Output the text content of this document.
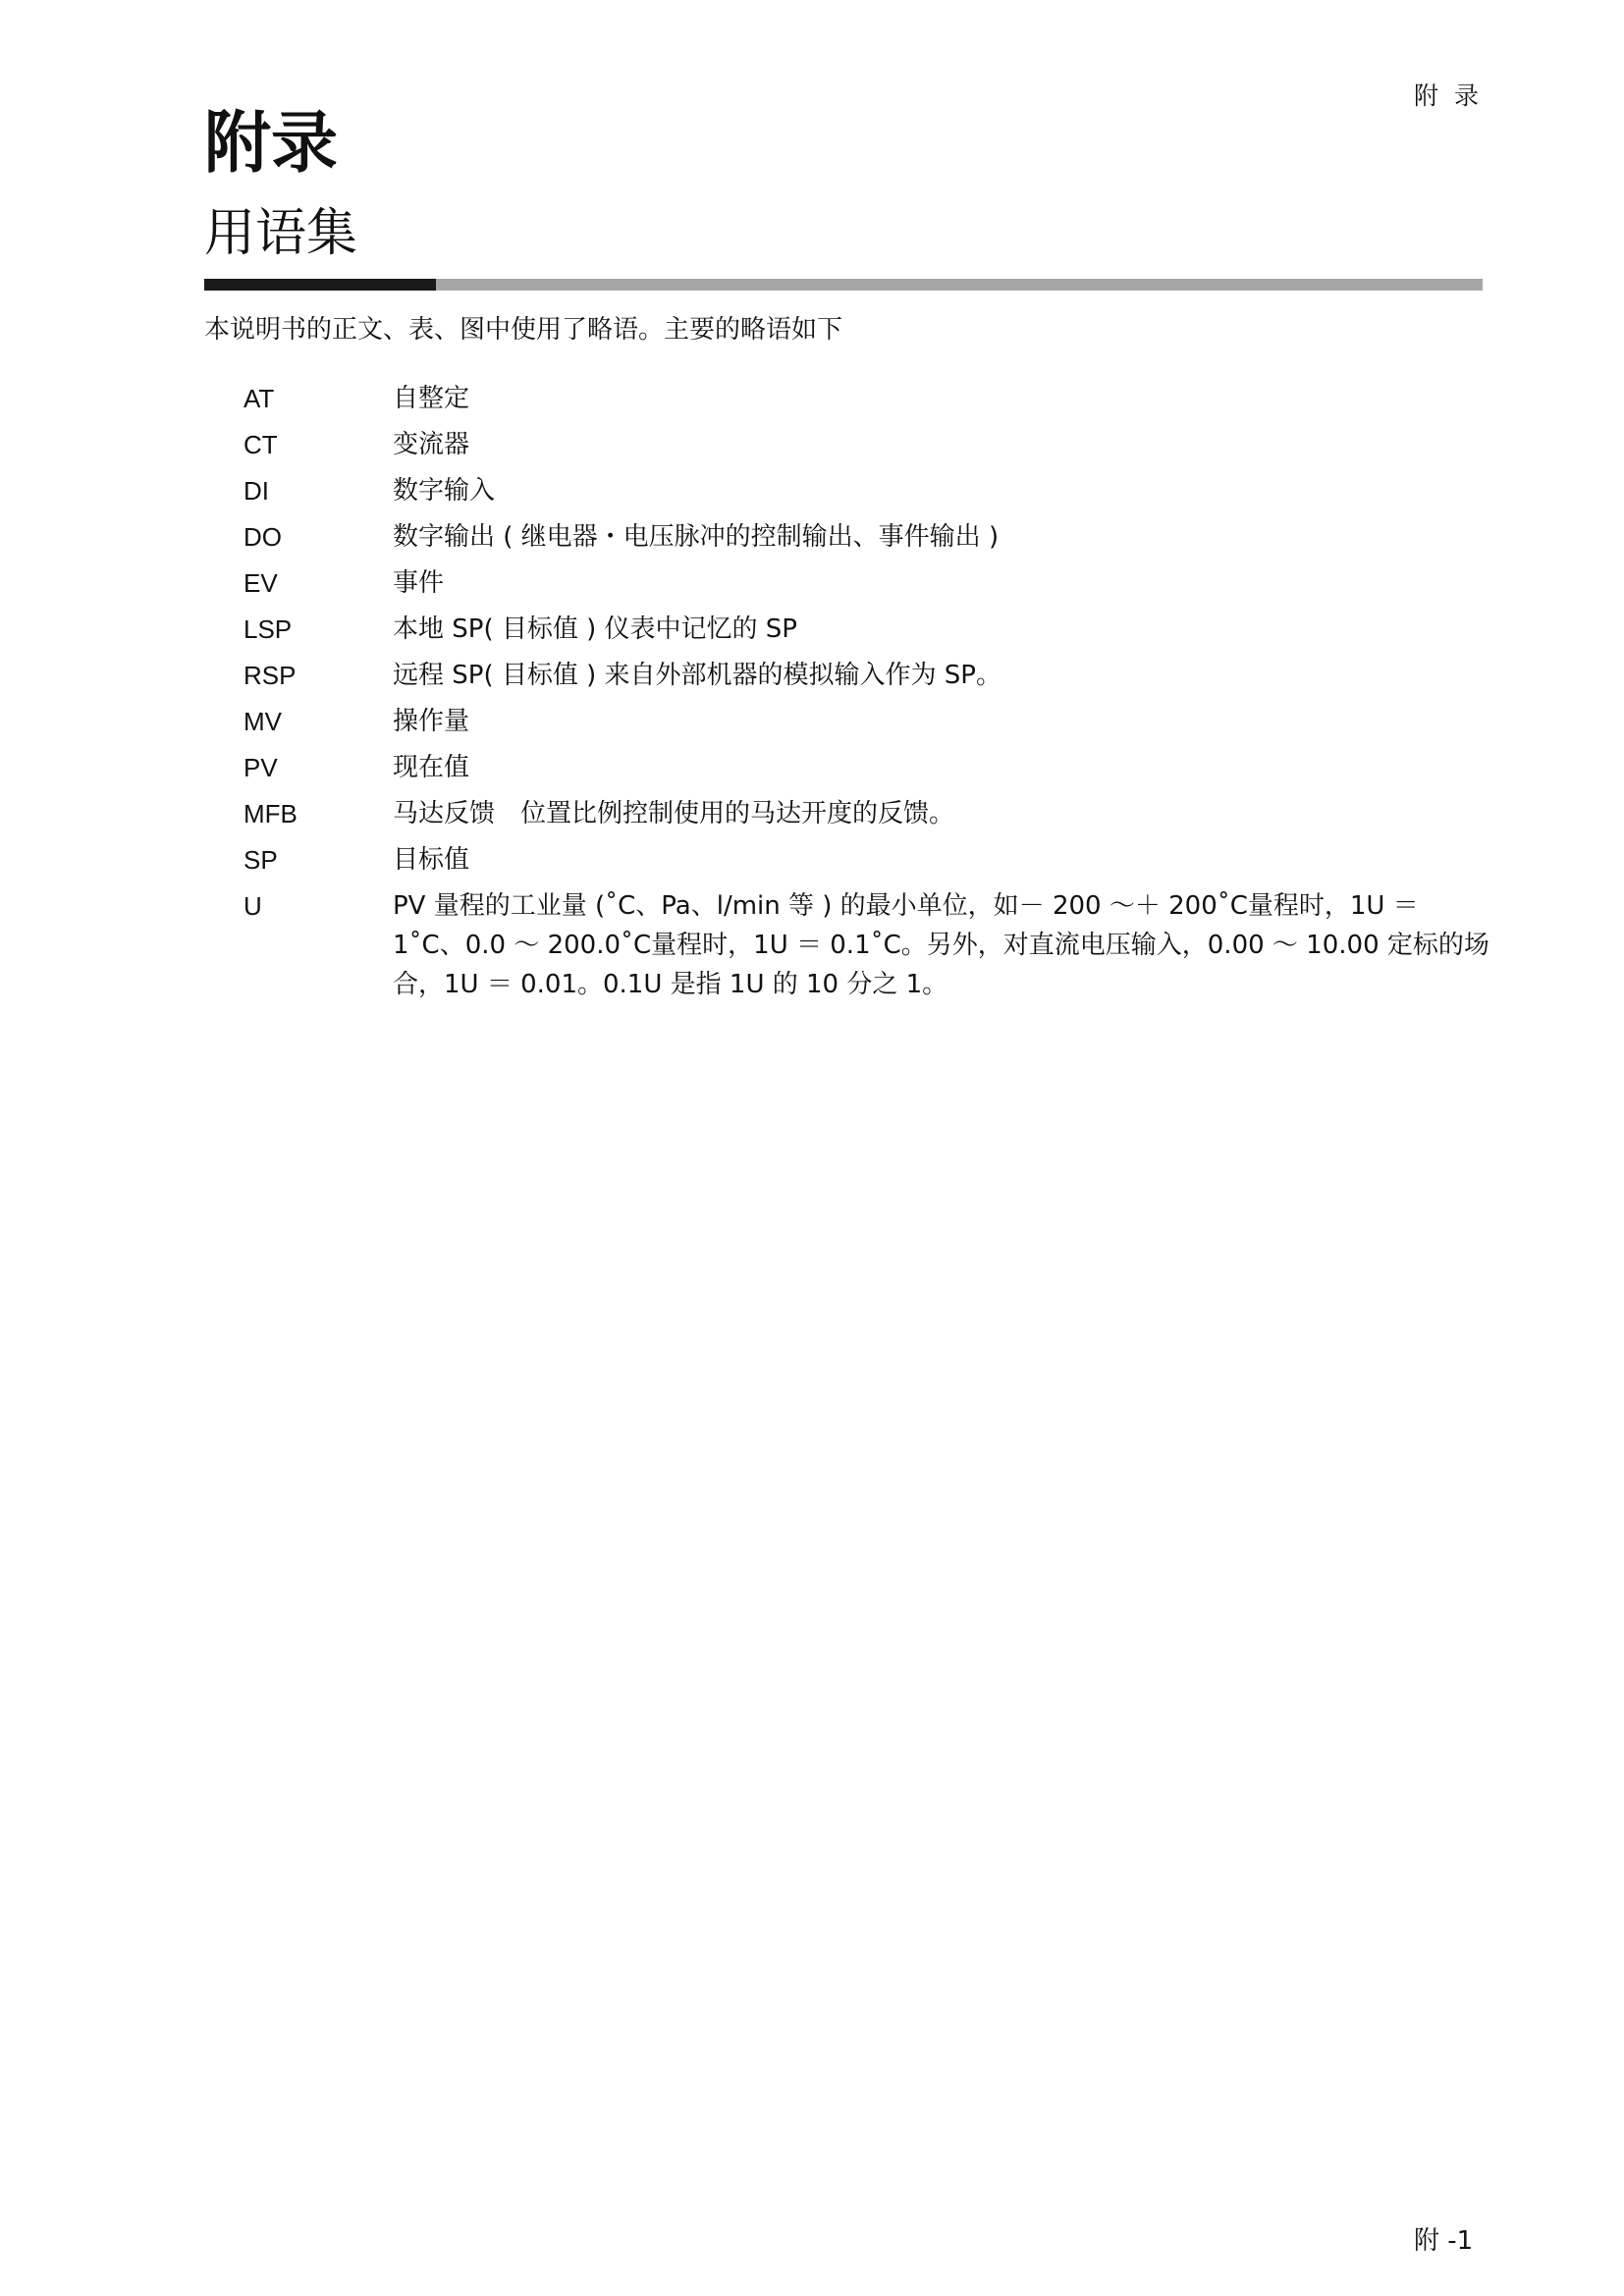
附 录
附录
用语集
本说明书的正文、表、图中使用了略语。主要的略语如下
AT	自整定
CT	变流器
DI	数字输入
DO	数字输出 ( 继电器・电压脉冲的控制输出、事件输出 )
EV	事件
LSP	本地 SP( 目标值 ) 仪表中记忆的 SP
RSP	远程 SP( 目标值 ) 来自外部机器的模拟输入作为 SP。
MV	操作量
PV	现在值
MFB	马达反馈　位置比例控制使用的马达开度的反馈。
SP	目标值
U	PV 量程的工业量 (˚C、Pa、l/min 等 ) 的最小单位，如－ 200 ～＋ 200˚C量程时，1U ＝ 1˚C、0.0 ～ 200.0˚C量程时，1U ＝ 0.1˚C。另外，对直流电压输入，0.00 ～ 10.00 定标的场合，1U ＝ 0.01。0.1U 是指 1U 的 10 分之 1。
附 -1
